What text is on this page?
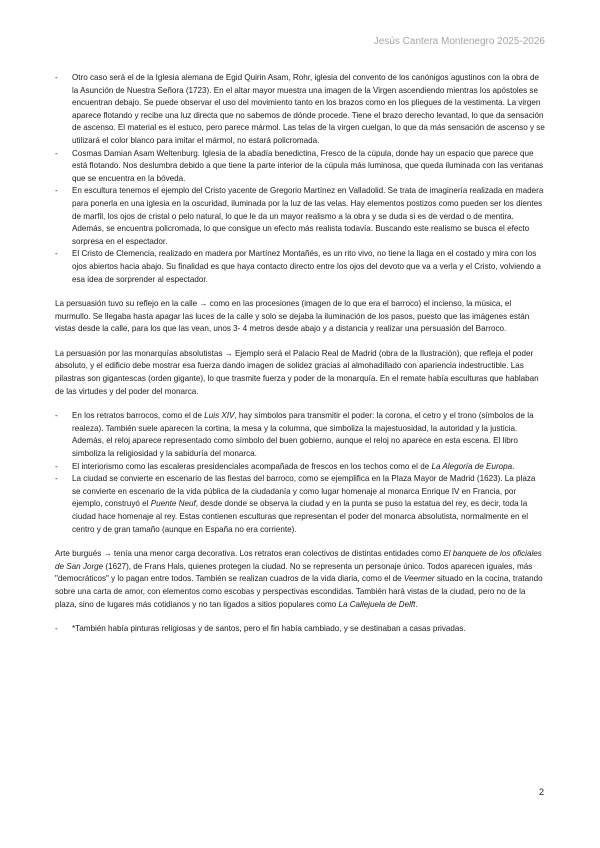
Jesús Cantera Montenegro 2025-2026
- Otro caso será el de la Iglesia alemana de Egid Quirin Asam, Rohr, iglesia del convento de los canónigos agustinos con la obra de la Asunción de Nuestra Señora (1723). En el altar mayor muestra una imagen de la Virgen ascendiendo mientras los apóstoles se encuentran debajo. Se puede observar el uso del movimiento tanto en los brazos como en los pliegues de la vestimenta. La virgen aparece flotando y recibe una luz directa que no sabemos de dónde procede. Tiene el brazo derecho levantad, lo que da sensación de ascenso. El material es el estuco, pero parece mármol. Las telas de la virgen cuelgan, lo que da más sensación de ascenso y se utilizará el color blanco para imitar el mármol, no estará policromada.
- Cosmas Damian Asam Weltenburg. Iglesia de la abadía benedictina, Fresco de la cúpula, donde hay un espacio que parece que está flotando. Nos deslumbra debido a que tiene la parte interior de la cúpula más luminosa, que queda iluminada con las ventanas que se encuentra en la bóveda.
- En escultura tenemos el ejemplo del Cristo yacente de Gregorio Martínez en Valladolid. Se trata de imaginería realizada en madera para ponerla en una iglesia en la oscuridad, iluminada por la luz de las velas. Hay elementos postizos como pueden ser los dientes de marfil, los ojos de cristal o pelo natural, lo que le da un mayor realismo a la obra y se duda si es de verdad o de mentira. Además, se encuentra policromada, lo que consigue un efecto más realista todavía. Buscando este realismo se busca el efecto sorpresa en el espectador.
- El Cristo de Clemencia, realizado en madera por Martínez Montañés, es un rito vivo, no tiene la llaga en el costado y mira con los ojos abiertos hacia abajo. Su finalidad es que haya contacto directo entre los ojos del devoto que va a verla y el Cristo, volviendo a esa idea de sorprender al espectador.

La persuasión tuvo su reflejo en la calle → como en las procesiones (imagen de lo que era el barroco) el incienso, la música, el murmullo. Se llegaba hasta apagar las luces de la calle y solo se dejaba la iluminación de los pasos, puesto que las imágenes están vistas desde la calle, para los que las vean, unos 3- 4 metros desde abajo y a distancia y realizar una persuasión del Barroco.

La persuasión por las monarquías absolutistas → Ejemplo será el Palacio Real de Madrid (obra de la Ilustración), que refleja el poder absoluto, y el edificio debe mostrar esa fuerza dando imagen de solidez gracias al almohadillado con apariencia indestructible. Las pilastras son gigantescas (orden gigante), lo que trasmite fuerza y poder de la monarquía. En el remate había esculturas que hablaban de las virtudes y del poder del monarca.

- En los retratos barrocos, como el de Luis XIV, hay símbolos para transmitir el poder: la corona, el cetro y el trono (símbolos de la realeza). También suele aparecen la cortina, la mesa y la columna, que simboliza la majestuosidad, la autoridad y la justicia. Además, el reloj aparece representado como símbolo del buen gobierno, aunque el reloj no aparece en esta escena. El libro simboliza la religiosidad y la sabiduría del monarca.
- El interiorismo como las escaleras presidenciales acompañada de frescos en los techos como el de La Alegoría de Europa.
- La ciudad se convierte en escenario de las fiestas del barroco, como se ejemplifica en la Plaza Mayor de Madrid (1623). La plaza se convierte en escenario de la vida pública de la ciudadanía y como lugar homenaje al monarca Enrique IV en Francia, por ejemplo, construyó el Puente Neuf, desde donde se observa la ciudad y en la punta se puso la estatua del rey, es decir, toda la ciudad hace homenaje al rey. Estas contienen esculturas que representan el poder del monarca absolutista, normalmente en el centro y de gran tamaño (aunque en España no era corriente).

Arte burgués → tenía una menor carga decorativa. Los retratos eran colectivos de distintas entidades como El banquete de los oficiales de San Jorge (1627), de Frans Hals, quienes protegen la ciudad. No se representa un personaje único. Todos aparecen iguales, más "democráticos" y lo pagan entre todos. También se realizan cuadros de la vida diaria, como el de Veermer situado en la cocina, tratando sobre una carta de amor, con elementos como escobas y perspectivas escondidas. También hará vistas de la ciudad, pero no de la plaza, sino de lugares más cotidianos y no tan ligados a sitios populares como La Callejuela de Delft.

- *También había pinturas religiosas y de santos, pero el fin había cambiado, y se destinaban a casas privadas.
2
